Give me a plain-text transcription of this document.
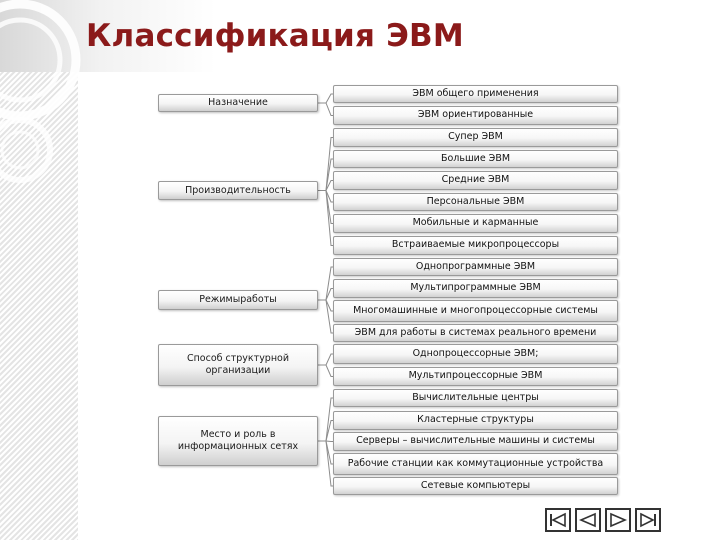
Классификация ЭВМ
Назначение
Производительность
Режимыработы
Способ структурной организации
Место и роль в информационных сетях
ЭВМ общего применения
ЭВМ ориентированные
Супер ЭВМ
Большие ЭВМ
Средние ЭВМ
Персональные ЭВМ
Мобильные и карманные
Встраиваемые микропроцессоры
Однопрограммные ЭВМ
Мультипрограммные ЭВМ
Многомашинные и многопроцессорные системы
ЭВМ для работы в системах реального времени
Однопроцессорные ЭВМ;
Мультипроцессорные ЭВМ
Вычислительные центры
Кластерные структуры
Серверы – вычислительные машины и системы
Рабочие станции как коммутационные устройства
Сетевые компьютеры
